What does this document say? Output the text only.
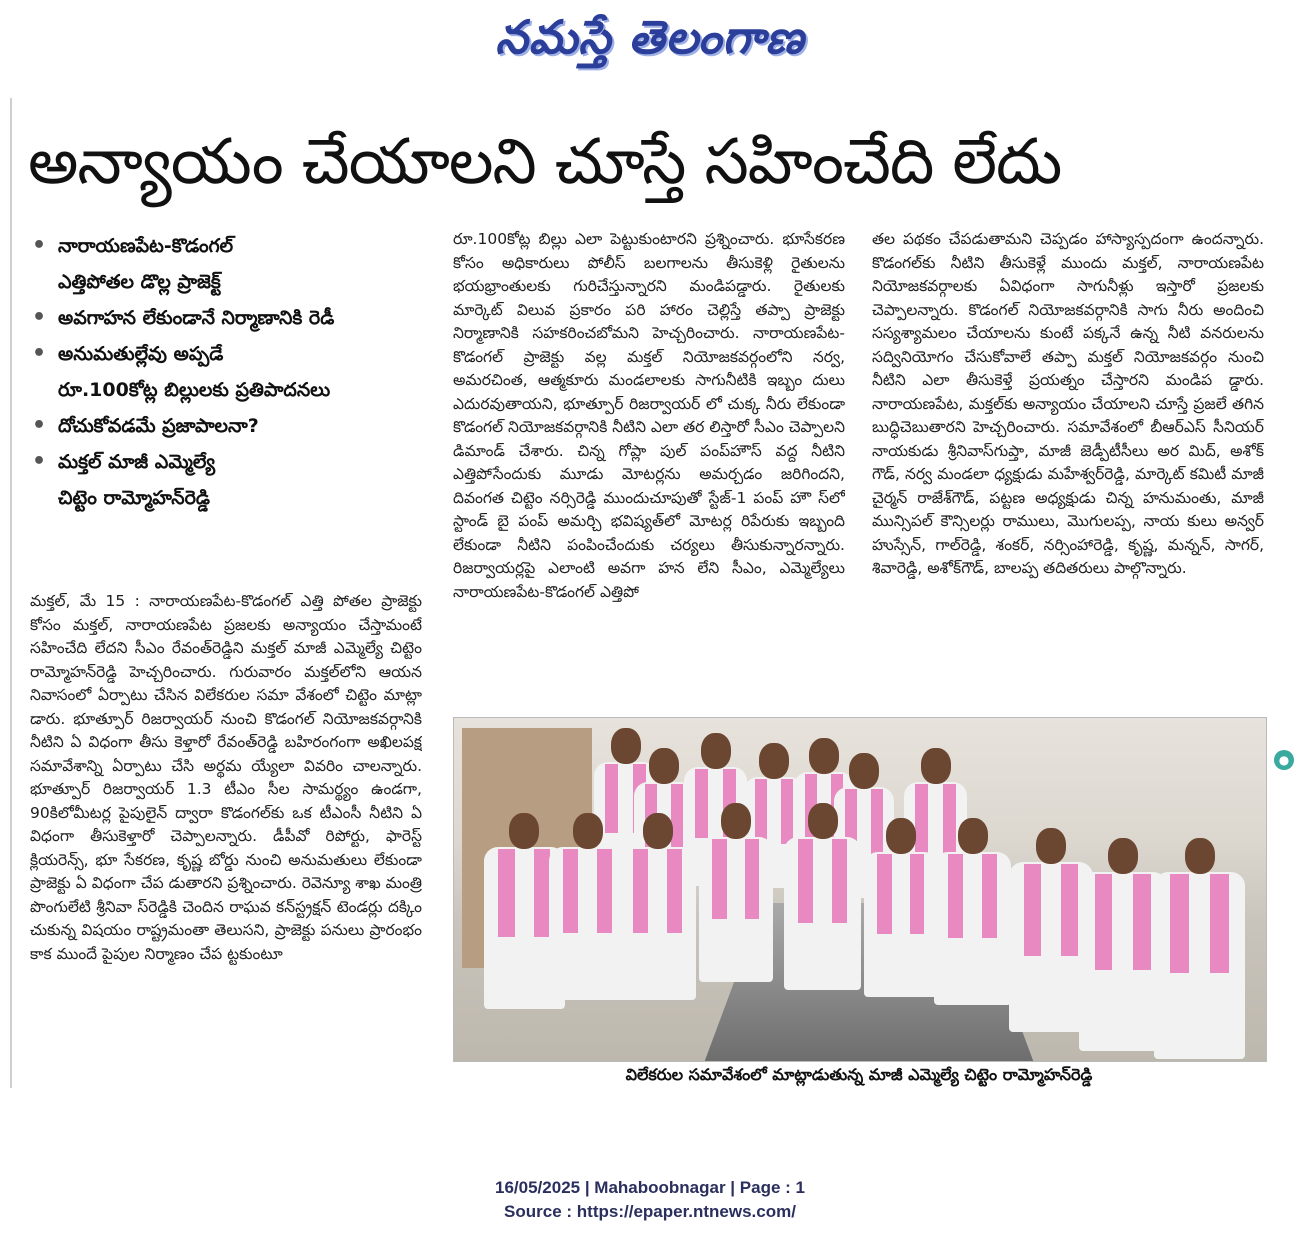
నమస్తే తెలంగాణ
అన్యాయం చేయాలని చూస్తే సహించేది లేదు
• నారాయణపేట-కొడంగల్
ఎత్తిపోతల డొల్ల ప్రాజెక్ట్
• అవగాహన లేకుండానే నిర్మాణానికి రెడీ
• అనుమతుల్లేవు అప్పడే
రూ.100కోట్ల బిల్లులకు ప్రతిపాదనలు
• దోచుకోవడమే ప్రజాపాలనా?
• మక్తల్ మాజీ ఎమ్మెల్యే
చిట్టెం రామ్మోహన్‌రెడ్డి
మక్తల్, మే 15 : నారాయణపేట-కొడంగల్ ఎత్తి పోతల ప్రాజెక్టు కోసం మక్తల్, నారాయణపేట ప్రజలకు అన్యాయం చేస్తామంటే సహించేది లేదని సీఎం రేవంత్‌రెడ్డిని మక్తల్ మాజీ ఎమ్మెల్యే చిట్టెం రామ్మోహన్‌రెడ్డి హెచ్చరించారు. గురువారం మక్తల్‌లోని ఆయన నివాసంలో ఏర్పాటు చేసిన విలేకరుల సమా వేశంలో చిట్టెం మాట్లా డారు. భూత్పూర్ రిజర్వాయర్ నుంచి కొడంగల్ నియోజకవర్గానికి నీటిని ఏ విధంగా తీసు కెళ్తారో రేవంత్‌రెడ్డి బహిరంగంగా అఖిలపక్ష సమావేశాన్ని ఏర్పాటు చేసి అర్థమ య్యేలా వివరిం చాలన్నారు. భూత్పూర్ రిజర్వాయర్ 1.3 టీఎం సీల సామర్థ్యం ఉండగా, 90కిలోమీటర్ల పైపులైన్ ద్వారా కొడంగల్‌కు ఒక టీఎంసీ నీటిని ఏ విధంగా తీసుకెళ్తారో చెప్పాలన్నారు. డీపీవో రిపోర్టు, ఫారెస్ట్ క్లియరెన్స్, భూ సేకరణ, కృష్ణ బోర్డు నుంచి అనుమతులు లేకుండా ప్రాజెక్టు ఏ విధంగా చేప డుతారని ప్రశ్నించారు. రెవెన్యూ శాఖ మంత్రి పొంగులేటి శ్రీనివా స్‌రెడ్డికి చెందిన రాఘవ కన్‌స్ట్రక్షన్ టెండర్లు దక్కిం చుకున్న విషయం రాష్ట్రమంతా తెలుసని, ప్రాజెక్టు పనులు ప్రారంభం కాక ముందే పైపుల నిర్మాణం చేప ట్టకుంటూ
రూ.100కోట్ల బిల్లు ఎలా పెట్టుకుంటారని ప్రశ్నించారు. భూసేకరణ కోసం అధికారులు పోలీస్ బలగాలను తీసుకెళ్లి రైతులను భయభ్రాంతులకు గురిచేస్తున్నారని మండిపడ్డారు. రైతులకు మార్కెట్ విలువ ప్రకారం పరి హారం చెల్లిస్తే తప్పా ప్రాజెక్టు నిర్మాణానికి సహకరించబోమని హెచ్చరించారు. నారాయణపేట-కొడంగల్ ప్రాజెక్టు వల్ల మక్తల్ నియోజకవర్గంలోని నర్వ, అమరచింత, ఆత్మకూరు మండలాలకు సాగునీటికి ఇబ్బం దులు ఎదురవుతాయని, భూత్పూర్ రిజర్వాయర్ లో చుక్క నీరు లేకుండా కొడంగల్ నియోజకవర్గానికి నీటిని ఎలా తర లిస్తారో సీఎం చెప్పాలని డిమాండ్ చేశారు. చిన్న గోప్లా పుల్ పంప్‌హౌస్ వద్ద నీటిని ఎత్తిపోసేందుకు మూడు మోటర్లను అమర్చడం జరిగిందని, దివంగత చిట్టెం నర్సిరెడ్డి ముందుచూపుతో స్టేజ్-1 పంప్ హౌ స్‌లో స్టాండ్ బై పంప్ అమర్చి భవిష్యత్‌లో మోటర్ల రిపేరుకు ఇబ్బంది లేకుండా నీటిని పంపించేందుకు చర్యలు తీసుకున్నారన్నారు. రిజర్వాయర్లపై ఎలాంటి అవగా హన లేని సీఎం, ఎమ్మెల్యేలు నారాయణపేట-కొడంగల్ ఎత్తిపో
తల పథకం చేపడుతామని చెప్పడం హాస్యాస్పదంగా ఉందన్నారు. కొడంగల్‌కు నీటిని తీసుకెళ్లే ముందు మక్తల్, నారాయణపేట నియోజకవర్గాలకు ఏవిధంగా సాగునీళ్లు ఇస్తారో ప్రజలకు చెప్పాలన్నారు. కొడంగల్ నియోజకవర్గానికి సాగు నీరు అందించి సస్యశ్యామలం చేయాలను కుంటే పక్కనే ఉన్న నీటి వనరులను సద్వినియోగం చేసుకోవాలే తప్పా మక్తల్ నియోజకవర్గం నుంచి నీటిని ఎలా తీసుకెళ్తే ప్రయత్నం చేస్తారని మండిప డ్డారు. నారాయణపేట, మక్తల్‌కు అన్యాయం చేయాలని చూస్తే ప్రజలే తగిన బుద్ధిచెబుతారని హెచ్చరించారు. సమావేశంలో బీఆర్‌ఎస్ సీనియర్ నాయకుడు శ్రీనివాస్‌గుప్తా, మాజీ జెడ్పీటీసీలు అర మిద్, అశోక్ గౌడ్, నర్వ మండలా ధ్యక్షుడు మహేశ్వర్‌రెడ్డి, మార్కెట్ కమిటీ మాజీ చైర్మన్ రాజేశ్‌గౌడ్, పట్టణ అధ్యక్షుడు చిన్న హనుమంతు, మాజీ మున్సిపల్ కౌన్సిలర్లు రాములు, మొగులప్ప, నాయ కులు అన్వర్ హుస్సేన్, గాల్‌రెడ్డి, శంకర్, నర్సింహారెడ్డి, కృష్ణ, మన్నన్, సాగర్, శివారెడ్డి, అశోక్‌గౌడ్, బాలప్ప తదితరులు పాల్గొన్నారు.
విలేకరుల సమావేశంలో మాట్లాడుతున్న మాజీ ఎమ్మెల్యే చిట్టెం రామ్మోహన్‌రెడ్డి
16/05/2025 | Mahaboobnagar | Page : 1
Source : https://epaper.ntnews.com/
●
